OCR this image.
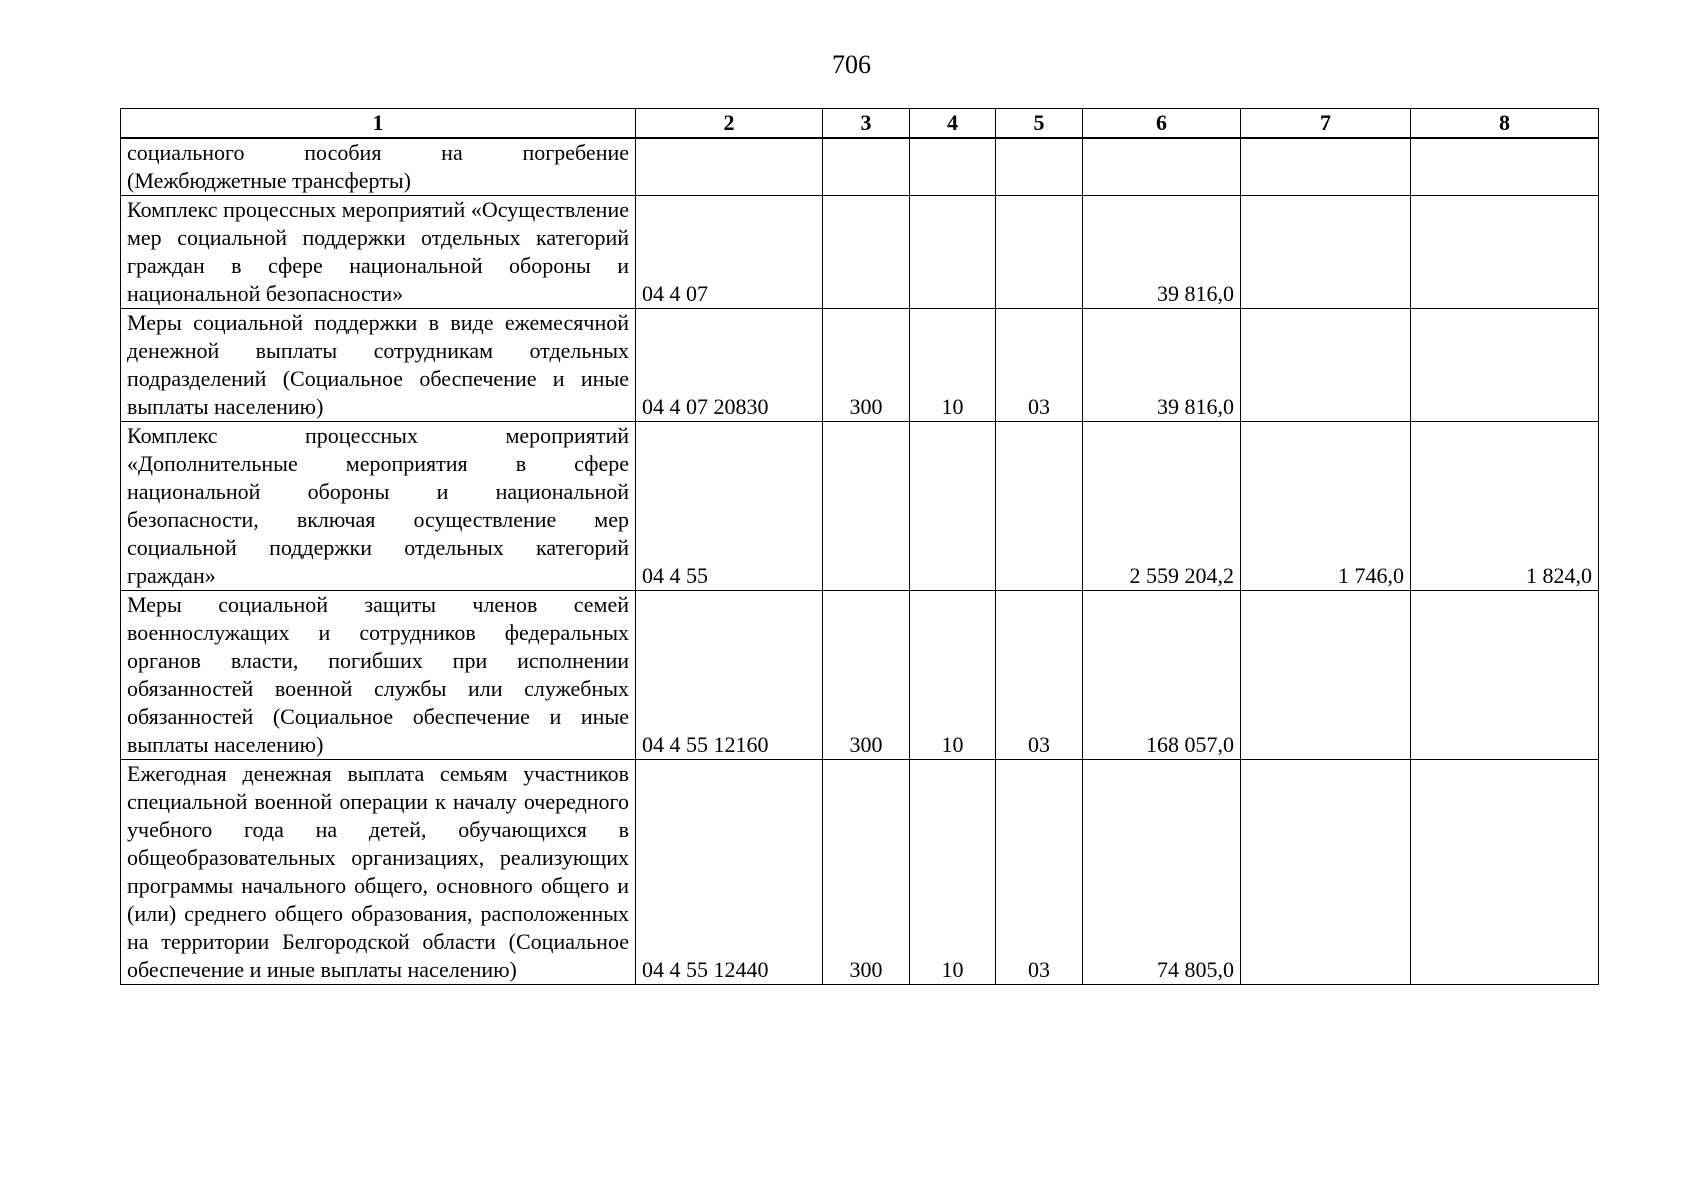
706
1	2	3	4	5	6	7	8
социального пособия на погребение (Межбюджетные трансферты)							
Комплекс процессных мероприятий «Осуществление мер социальной поддержки отдельных категорий граждан в сфере национальной обороны и национальной безопасности»	04 4 07				39 816,0		
Меры социальной поддержки в виде ежемесячной денежной выплаты сотрудникам отдельных подразделений (Социальное обеспечение и иные выплаты населению)	04 4 07 20830	300	10	03	39 816,0		
Комплекс процессных мероприятий «Дополнительные мероприятия в сфере национальной обороны и национальной безопасности, включая осуществление мер социальной поддержки отдельных категорий граждан»	04 4 55				2 559 204,2	1 746,0	1 824,0
Меры социальной защиты членов семей военнослужащих и сотрудников федеральных органов власти, погибших при исполнении обязанностей военной службы или служебных обязанностей (Социальное обеспечение и иные выплаты населению)	04 4 55 12160	300	10	03	168 057,0		
Ежегодная денежная выплата семьям участников специальной военной операции к началу очередного учебного года на детей, обучающихся в общеобразовательных организациях, реализующих программы начального общего, основного общего и (или) среднего общего образования, расположенных на территории Белгородской области (Социальное обеспечение и иные выплаты населению)	04 4 55 12440	300	10	03	74 805,0		
